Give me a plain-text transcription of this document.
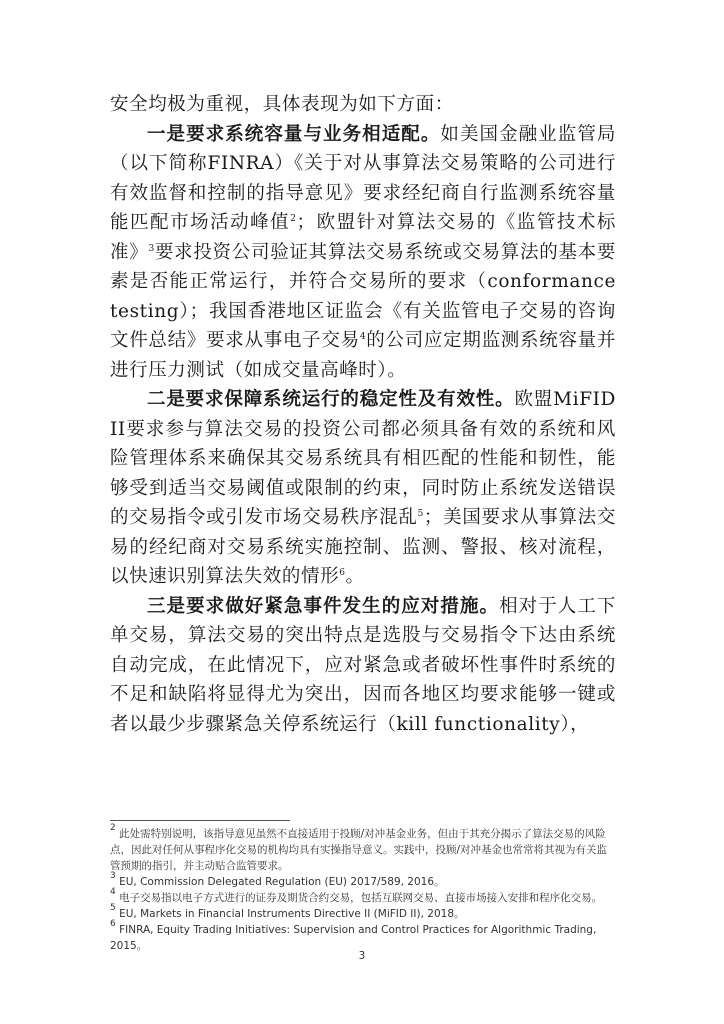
安全均极为重视，具体表现为如下方面：

一是要求系统容量与业务相适配。如美国金融业监管局（以下简称FINRA）《关于对从事算法交易策略的公司进行有效监督和控制的指导意见》要求经纪商自行监测系统容量能匹配市场活动峰值$^2$；欧盟针对算法交易的《监管技术标准》$^3$要求投资公司验证其算法交易系统或交易算法的基本要素是否能正常运行，并符合交易所的要求（conformance testing）；我国香港地区证监会《有关监管电子交易的咨询文件总结》要求从事电子交易$^4$的公司应定期监测系统容量并进行压力测试（如成交量高峰时）。

二是要求保障系统运行的稳定性及有效性。欧盟MiFID II要求参与算法交易的投资公司都必须具备有效的系统和风险管理体系来确保其交易系统具有相匹配的性能和韧性，能够受到适当交易阈值或限制的约束，同时防止系统发送错误的交易指令或引发市场交易秩序混乱$^5$；美国要求从事算法交易的经纪商对交易系统实施控制、监测、警报、核对流程，以快速识别算法失效的情形$^6$。

三是要求做好紧急事件发生的应对措施。相对于人工下单交易，算法交易的突出特点是选股与交易指令下达由系统自动完成，在此情况下，应对紧急或者破坏性事件时系统的不足和缺陷将显得尤为突出，因而各地区均要求能够一键或者以最少步骤紧急关停系统运行（kill functionality），

$^2$ 此处需特别说明，该指导意见虽然不直接适用于投顾/对冲基金业务，但由于其充分揭示了算法交易的风险点，因此对任何从事程序化交易的机构均具有实操指导意义。实践中，投顾/对冲基金也常常将其视为有关监管预期的指引，并主动贴合监管要求。

$^3$ EU, Commission Delegated Regulation (EU) 2017/589, 2016。

$^4$ 电子交易指以电子方式进行的证券及期货合约交易，包括互联网交易、直接市场接入安排和程序化交易。

$^5$ EU, Markets in Financial Instruments Directive II (MiFID II), 2018。

$^6$ FINRA, Equity Trading Initiatives: Supervision and Control Practices for Algorithmic Trading, 2015。

3
